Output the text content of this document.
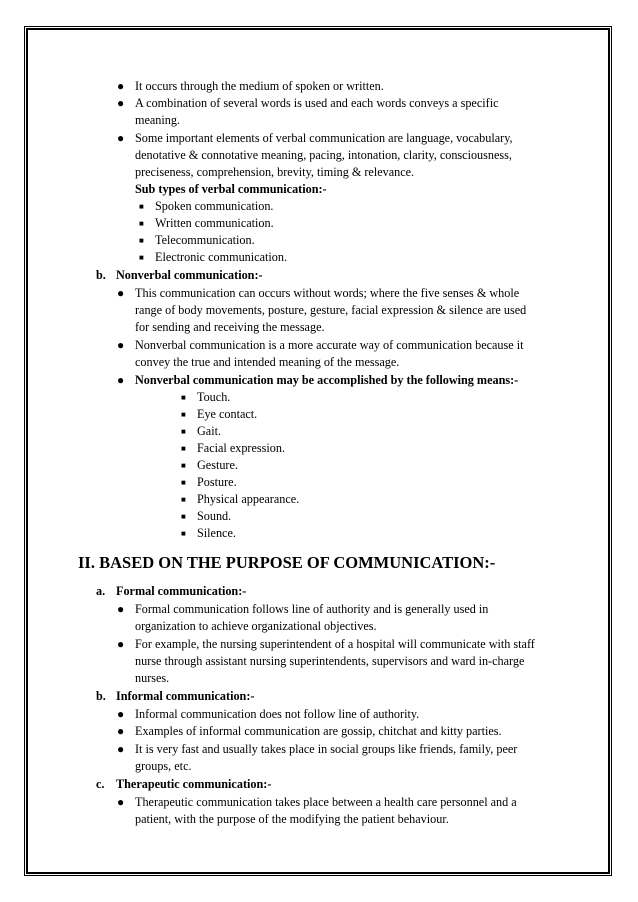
● It occurs through the medium of spoken or written.
● A combination of several words is used and each words conveys a specific
meaning.
● Some important elements of verbal communication are language, vocabulary,
denotative & connotative meaning, pacing, intonation, clarity, consciousness,
preciseness, comprehension, brevity, timing & relevance.
Sub types of verbal communication:-
■ Spoken communication.
■ Written communication.
■ Telecommunication.
■ Electronic communication.
b. Nonverbal communication:-
● This communication can occurs without words; where the five senses & whole
range of body movements, posture, gesture, facial expression & silence are used
for sending and receiving the message.
● Nonverbal communication is a more accurate way of communication because it
convey the true and intended meaning of the message.
● Nonverbal communication may be accomplished by the following means:-
■ Touch.
■ Eye contact.
■ Gait.
■ Facial expression.
■ Gesture.
■ Posture.
■ Physical appearance.
■ Sound.
■ Silence.
II. BASED ON THE PURPOSE OF COMMUNICATION:-
a. Formal communication:-
● Formal communication follows line of authority and is generally used in
organization to achieve organizational objectives.
● For example, the nursing superintendent of a hospital will communicate with staff
nurse through assistant nursing superintendents, supervisors and ward in-charge
nurses.
b. Informal communication:-
● Informal communication does not follow line of authority.
● Examples of informal communication are gossip, chitchat and kitty parties.
● It is very fast and usually takes place in social groups like friends, family, peer
groups, etc.
c. Therapeutic communication:-
● Therapeutic communication takes place between a health care personnel and a
patient, with the purpose of the modifying the patient behaviour.
